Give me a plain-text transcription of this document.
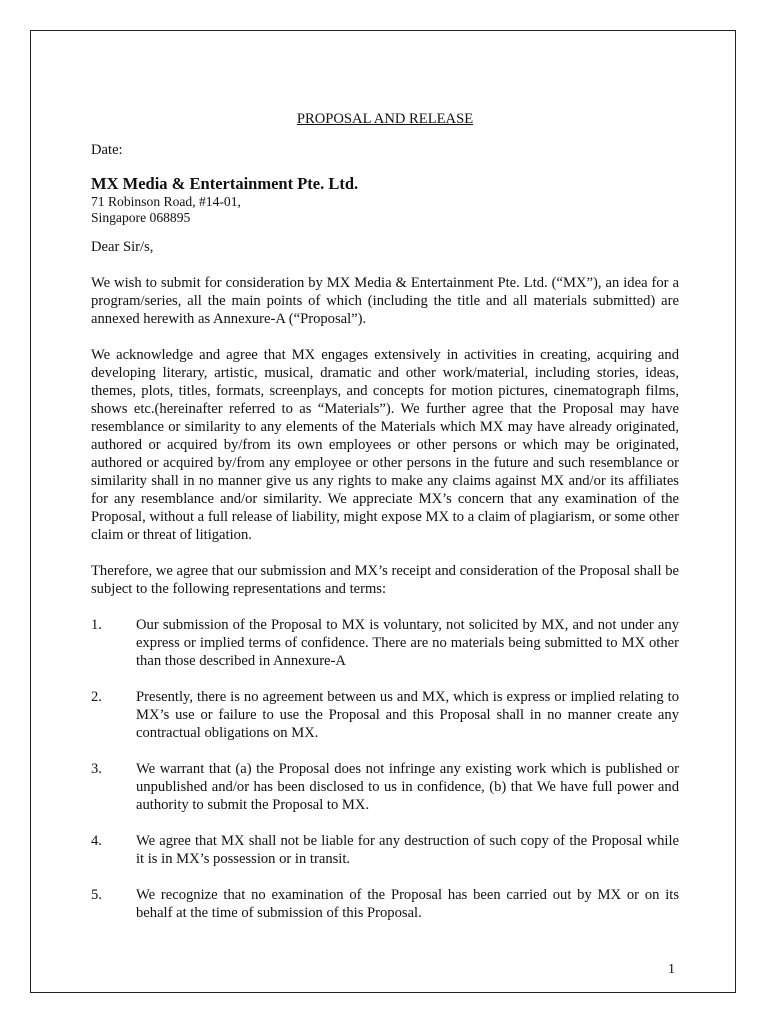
PROPOSAL AND RELEASE

Date:

MX Media & Entertainment Pte. Ltd.

71 Robinson Road, #14-01,

Singapore 068895

Dear Sir/s,

We wish to submit for consideration by MX Media & Entertainment Pte. Ltd. (“MX”), an idea for a program/series, all the main points of which (including the title and all materials submitted) are annexed herewith as Annexure-A (“Proposal”).

We acknowledge and agree that MX engages extensively in activities in creating, acquiring and developing literary, artistic, musical, dramatic and other work/material, including stories, ideas, themes, plots, titles, formats, screenplays, and concepts for motion pictures, cinematograph films, shows etc.(hereinafter referred to as “Materials”). We further agree that the Proposal may have resemblance or similarity to any elements of the Materials which MX may have already originated, authored or acquired by/from its own employees or other persons or which may be originated, authored or acquired by/from any employee or other persons in the future and such resemblance or similarity shall in no manner give us any rights to make any claims against MX and/or its affiliates for any resemblance and/or similarity. We appreciate MX’s concern that any examination of the Proposal, without a full release of liability, might expose MX to a claim of plagiarism, or some other claim or threat of litigation.

Therefore, we agree that our submission and MX’s receipt and consideration of the Proposal shall be subject to the following representations and terms:

1.	Our submission of the Proposal to MX is voluntary, not solicited by MX, and not under any express or implied terms of confidence. There are no materials being submitted to MX other than those described in Annexure-A
2.	Presently, there is no agreement between us and MX, which is express or implied relating to MX’s use or failure to use the Proposal and this Proposal shall in no manner create any contractual obligations on MX.
3.	We warrant that (a) the Proposal does not infringe any existing work which is published or unpublished and/or has been disclosed to us in confidence, (b) that We have full power and authority to submit the Proposal to MX.
4.	We agree that MX shall not be liable for any destruction of such copy of the Proposal while it is in MX’s possession or in transit.
5.	We recognize that no examination of the Proposal has been carried out by MX or on its behalf at the time of submission of this Proposal.
1
